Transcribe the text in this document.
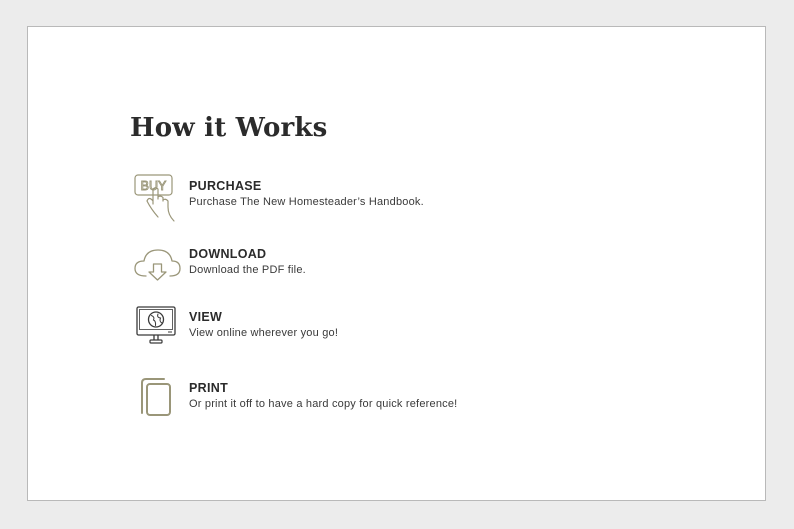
How it Works
BUY PURCHASE
Purchase The New Homesteader’s Handbook.
DOWNLOAD
Download the PDF file.
VIEW
View online wherever you go!
PRINT
Or print it off to have a hard copy for quick reference!
